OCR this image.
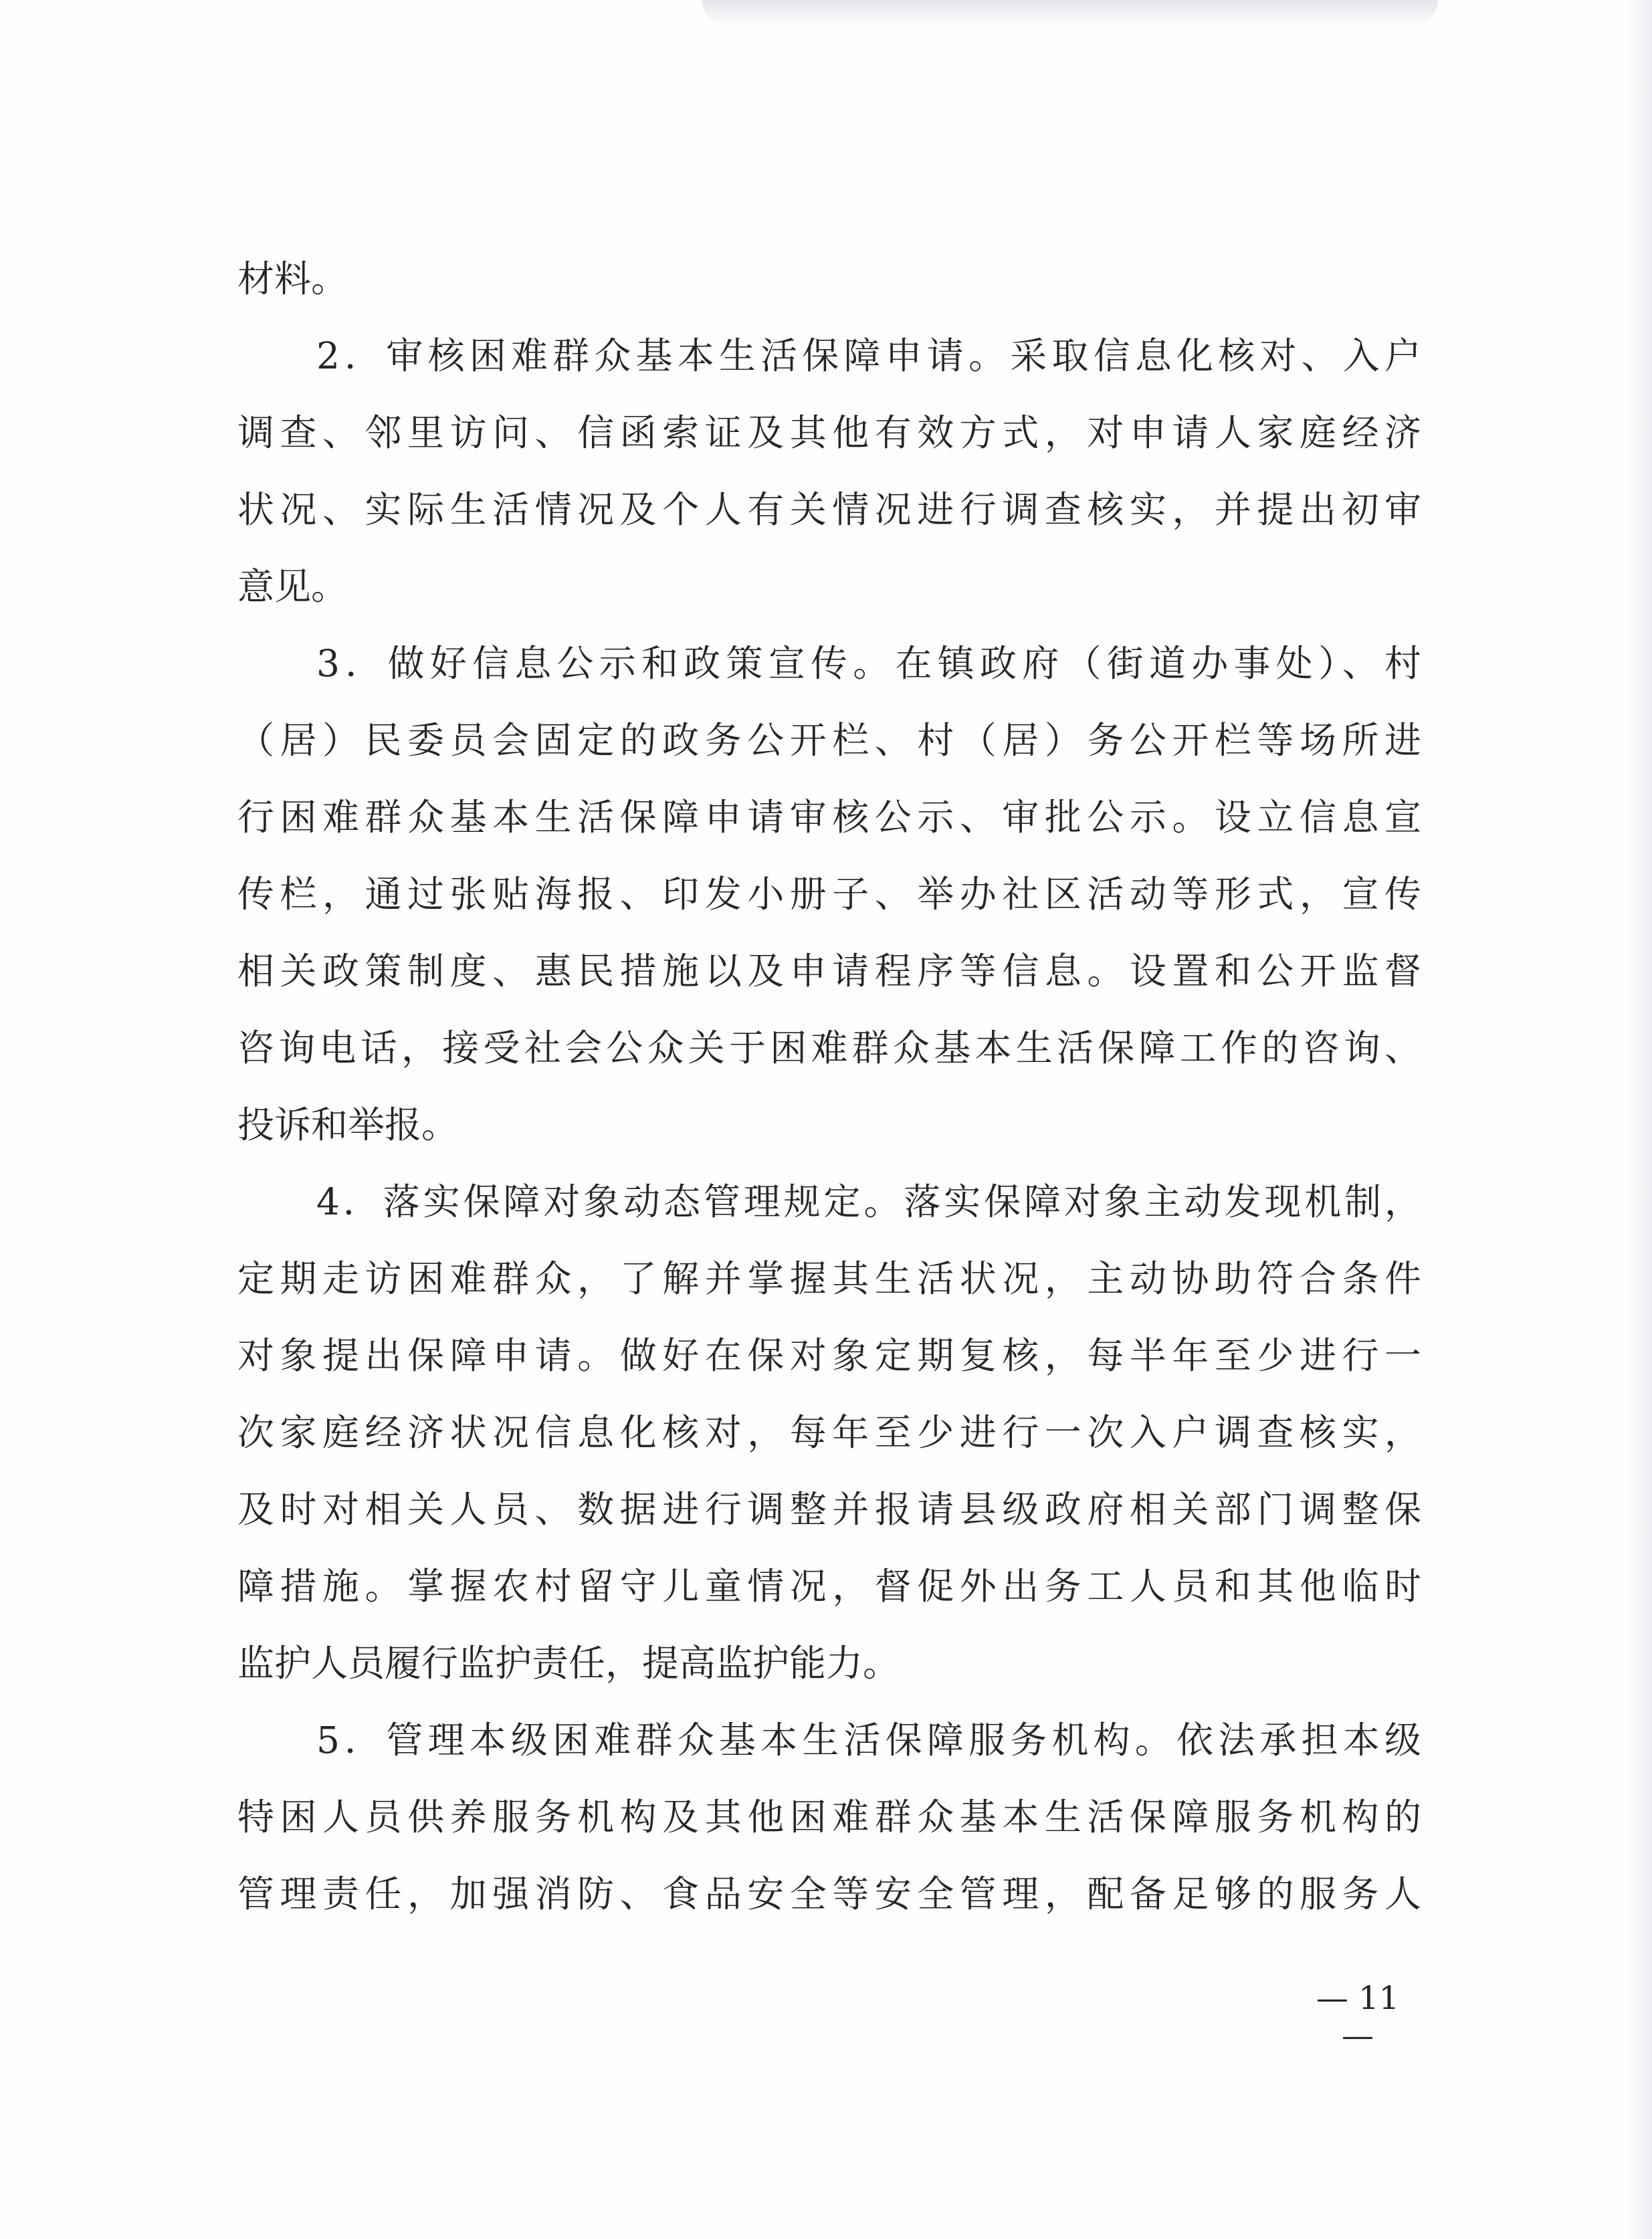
材料。
2．审核困难群众基本生活保障申请。采取信息化核对、入户
调查、邻里访问、信函索证及其他有效方式，对申请人家庭经济
状况、实际生活情况及个人有关情况进行调查核实，并提出初审
意见。
3．做好信息公示和政策宣传。在镇政府（街道办事处）、村
（居）民委员会固定的政务公开栏、村（居）务公开栏等场所进
行困难群众基本生活保障申请审核公示、审批公示。设立信息宣
传栏，通过张贴海报、印发小册子、举办社区活动等形式，宣传
相关政策制度、惠民措施以及申请程序等信息。设置和公开监督
咨询电话，接受社会公众关于困难群众基本生活保障工作的咨询、
投诉和举报。
4．落实保障对象动态管理规定。落实保障对象主动发现机制，
定期走访困难群众，了解并掌握其生活状况，主动协助符合条件
对象提出保障申请。做好在保对象定期复核，每半年至少进行一
次家庭经济状况信息化核对，每年至少进行一次入户调查核实，
及时对相关人员、数据进行调整并报请县级政府相关部门调整保
障措施。掌握农村留守儿童情况，督促外出务工人员和其他临时
监护人员履行监护责任，提高监护能力。
5．管理本级困难群众基本生活保障服务机构。依法承担本级
特困人员供养服务机构及其他困难群众基本生活保障服务机构的
管理责任，加强消防、食品安全等安全管理，配备足够的服务人
— 11 —
